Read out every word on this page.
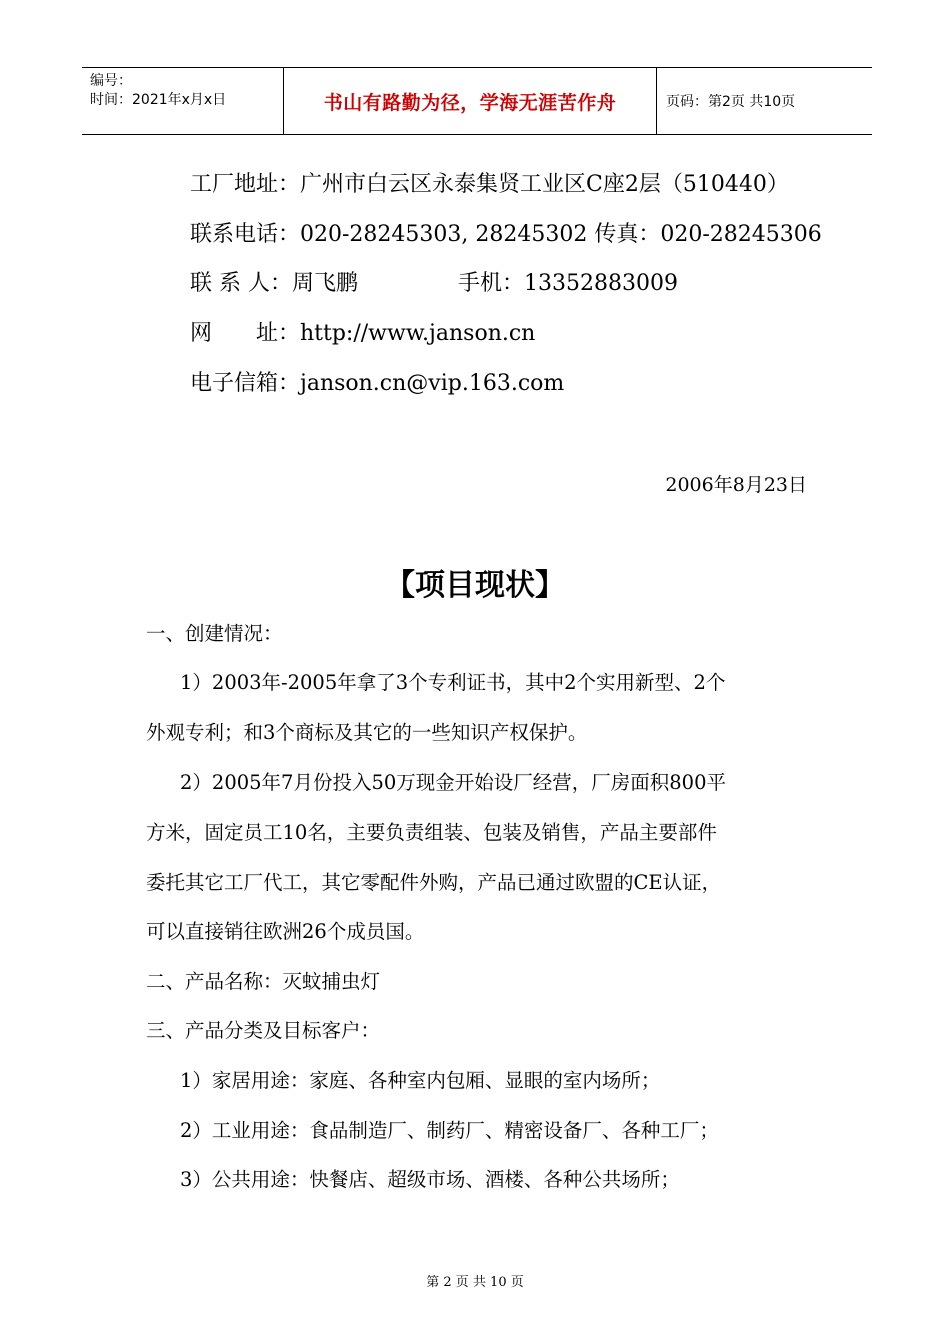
编号：
时间：2021年x月x日	书山有路勤为径，学海无涯苦作舟	页码：第2页 共10页
工厂地址：广州市白云区永泰集贤工业区C座2层（510440）
联系电话：020-28245303, 28245302 传真：020-28245306
联 系 人：周飞鹏	手机：13352883009
网 址：http://www.janson.cn
电子信箱：janson.cn@vip.163.com
2006年8月23日
【项目现状】
一、创建情况：
1）2003年-2005年拿了3个专利证书，其中2个实用新型、2个
外观专利；和3个商标及其它的一些知识产权保护。
2）2005年7月份投入50万现金开始设厂经营，厂房面积800平
方米，固定员工10名，主要负责组装、包装及销售，产品主要部件
委托其它工厂代工，其它零配件外购，产品已通过欧盟的CE认证，
可以直接销往欧洲26个成员国。
二、产品名称：灭蚊捕虫灯
三、产品分类及目标客户：
1）家居用途：家庭、各种室内包厢、显眼的室内场所；
2）工业用途：食品制造厂、制药厂、精密设备厂、各种工厂；
3）公共用途：快餐店、超级市场、酒楼、各种公共场所；
第 2 页 共 10 页
